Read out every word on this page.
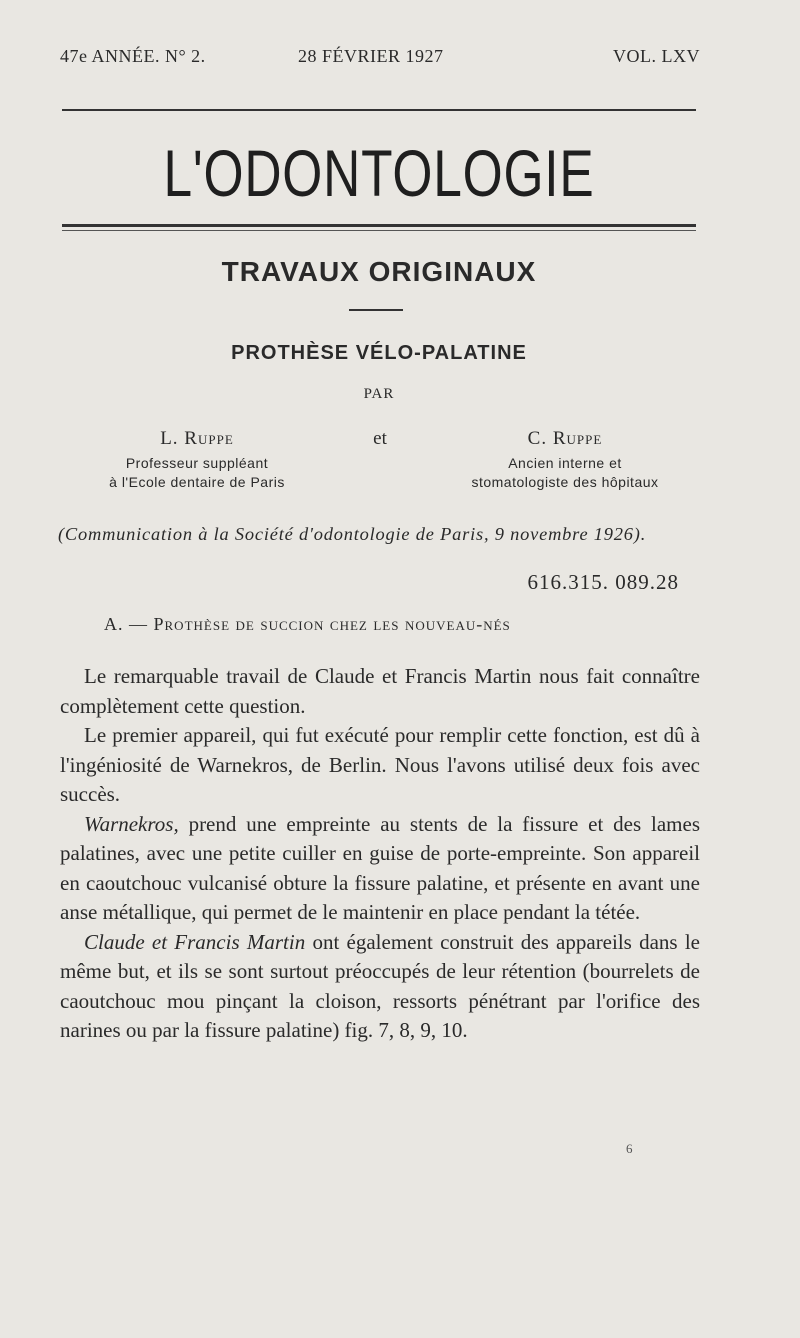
47e ANNÉE. N° 2.	28 FÉVRIER 1927	VOL. LXV
L'ODONTOLOGIE
TRAVAUX ORIGINAUX
PROTHÈSE VÉLO-PALATINE
PAR
L. Ruppe
Professeur suppléant
à l'Ecole dentaire de Paris
et	C. Ruppe
Ancien interne et
stomatologiste des hôpitaux
(Communication à la Société d'odontologie de Paris, 9 novembre 1926).
616.315. 089.28
A. — Prothèse de succion chez les nouveau-nés

Le remarquable travail de Claude et Francis Martin nous fait connaître complètement cette question.

Le premier appareil, qui fut exécuté pour remplir cette fonction, est dû à l'ingéniosité de Warnekros, de Berlin. Nous l'avons utilisé deux fois avec succès.

Warnekros, prend une empreinte au stents de la fissure et des lames palatines, avec une petite cuiller en guise de porte-empreinte. Son appareil en caoutchouc vulcanisé obture la fissure palatine, et présente en avant une anse métallique, qui permet de le maintenir en place pendant la tétée.

Claude et Francis Martin ont également construit des appareils dans le même but, et ils se sont surtout préoccupés de leur rétention (bourrelets de caoutchouc mou pinçant la cloison, ressorts pénétrant par l'orifice des narines ou par la fissure palatine) fig. 7, 8, 9, 10.

6
